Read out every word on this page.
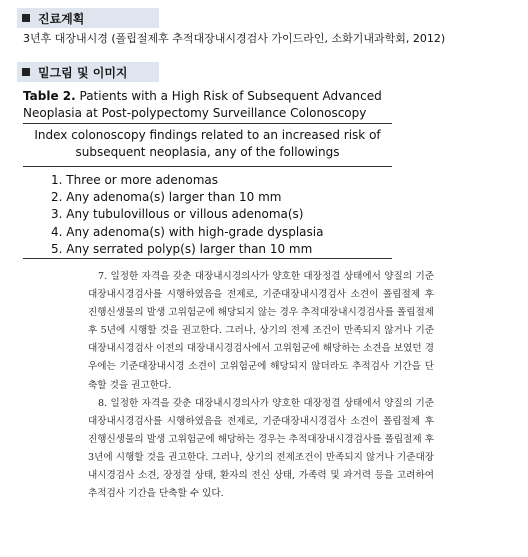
진료계획
3년후 대장내시경 (폴립절제후 추적대장내시경검사 가이드라인, 소화기내과학회, 2012)
밑그림 및 이미지
Table 2. Patients with a High Risk of Subsequent Advanced Neoplasia at Post-polypectomy Surveillance Colonoscopy
Index colonoscopy findings related to an increased risk of subsequent neoplasia, any of the followings
1. Three or more adenomas
2. Any adenoma(s) larger than 10 mm
3. Any tubulovillous or villous adenoma(s)
4. Any adenoma(s) with high-grade dysplasia
5. Any serrated polyp(s) larger than 10 mm

7. 일정한 자격을 갖춘 대장내시경의사가 양호한 대장정결 상태에서 양질의 기준대장내시경검사를 시행하였음을 전제로, 기준대장내시경검사 소견이 폴립절제 후 진행신생물의 발생 고위험군에 해당되지 않는 경우 추적대장내시경검사를 폴립절제 후 5년에 시행할 것을 권고한다. 그러나, 상기의 전제 조건이 만족되지 않거나 기준대장내시경검사 이전의 대장내시경검사에서 고위험군에 해당하는 소견을 보였던 경우에는 기준대장내시경 소견이 고위험군에 해당되지 않더라도 추적검사 기간을 단축할 것을 권고한다.

8. 일정한 자격을 갖춘 대장내시경의사가 양호한 대장정결 상태에서 양질의 기준대장내시경검사를 시행하였음을 전제로, 기준대장내시경검사 소견이 폴립절제 후 진행신생물의 발생 고위험군에 해당하는 경우는 추적대장내시경검사를 폴립절제 후 3년에 시행할 것을 권고한다. 그러나, 상기의 전제조건이 만족되지 않거나 기준대장내시경검사 소견, 장정결 상태, 환자의 전신 상태, 가족력 및 과거력 등을 고려하여 추적검사 기간을 단축할 수 있다.
